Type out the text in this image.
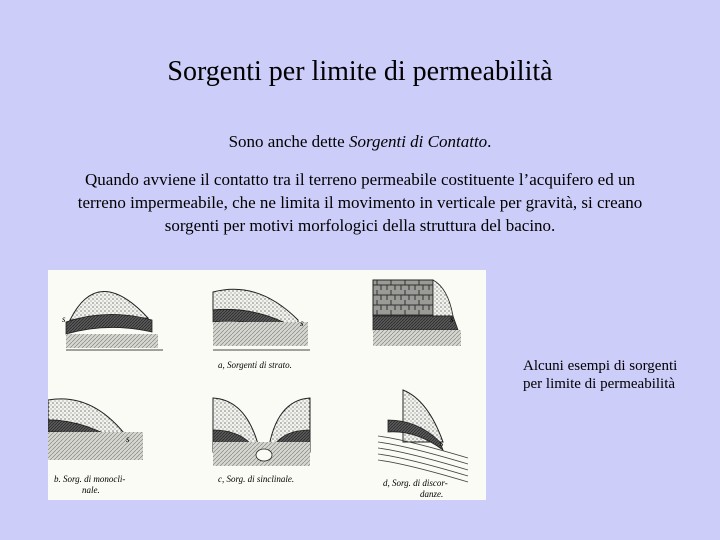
Sorgenti per limite di permeabilità
Sono anche dette Sorgenti di Contatto.
Quando avviene il contatto tra il terreno permeabile costituente l’acquifero ed un terreno impermeabile, che ne limita il movimento in verticale per gravità, si creano sorgenti per motivi morfologici della struttura del bacino.
s	s
a, Sorgenti di strato.
s
s
b. Sorg. di monocli-
nale.
c, Sorg. di sinclinale.
s
d, Sorg. di discor-
danze.
Alcuni esempi di sorgenti per limite di permeabilità
